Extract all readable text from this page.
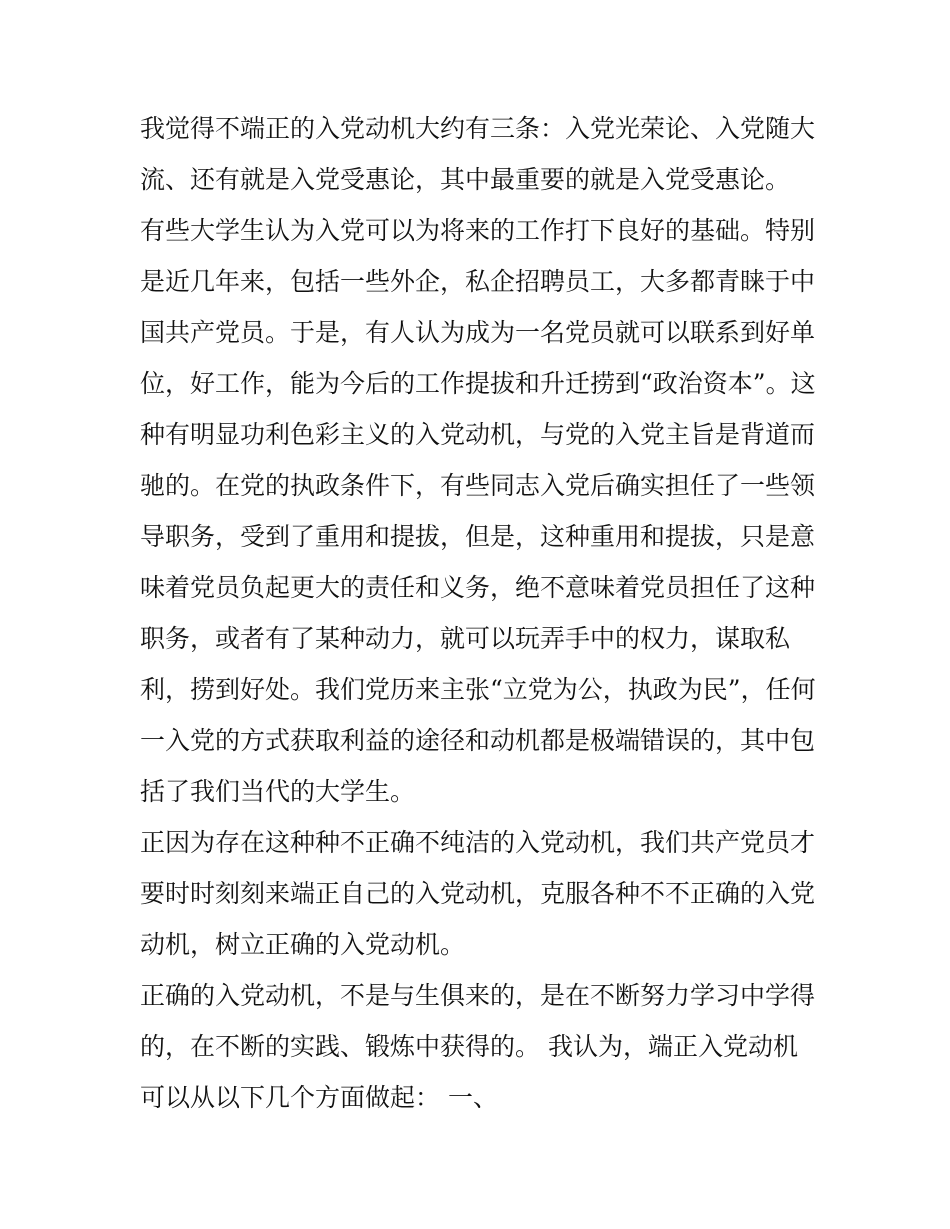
我觉得不端正的入党动机大约有三条：入党光荣论、入党随大
流、还有就是入党受惠论，其中最重要的就是入党受惠论。
有些大学生认为入党可以为将来的工作打下良好的基础。特别
是近几年来，包括一些外企，私企招聘员工，大多都青睐于中
国共产党员。于是，有人认为成为一名党员就可以联系到好单
位，好工作，能为今后的工作提拔和升迁捞到“政治资本”。这
种有明显功利色彩主义的入党动机，与党的入党主旨是背道而
驰的。在党的执政条件下，有些同志入党后确实担任了一些领
导职务，受到了重用和提拔，但是，这种重用和提拔，只是意
味着党员负起更大的责任和义务，绝不意味着党员担任了这种
职务，或者有了某种动力，就可以玩弄手中的权力，谋取私
利，捞到好处。我们党历来主张“立党为公，执政为民”，任何
一入党的方式获取利益的途径和动机都是极端错误的，其中包
括了我们当代的大学生。
正因为存在这种种不正确不纯洁的入党动机，我们共产党员才
要时时刻刻来端正自己的入党动机，克服各种不不正确的入党
动机，树立正确的入党动机。
正确的入党动机，不是与生俱来的，是在不断努力学习中学得
的，在不断的实践、锻炼中获得的。 我认为，端正入党动机
可以从以下几个方面做起： 一、
